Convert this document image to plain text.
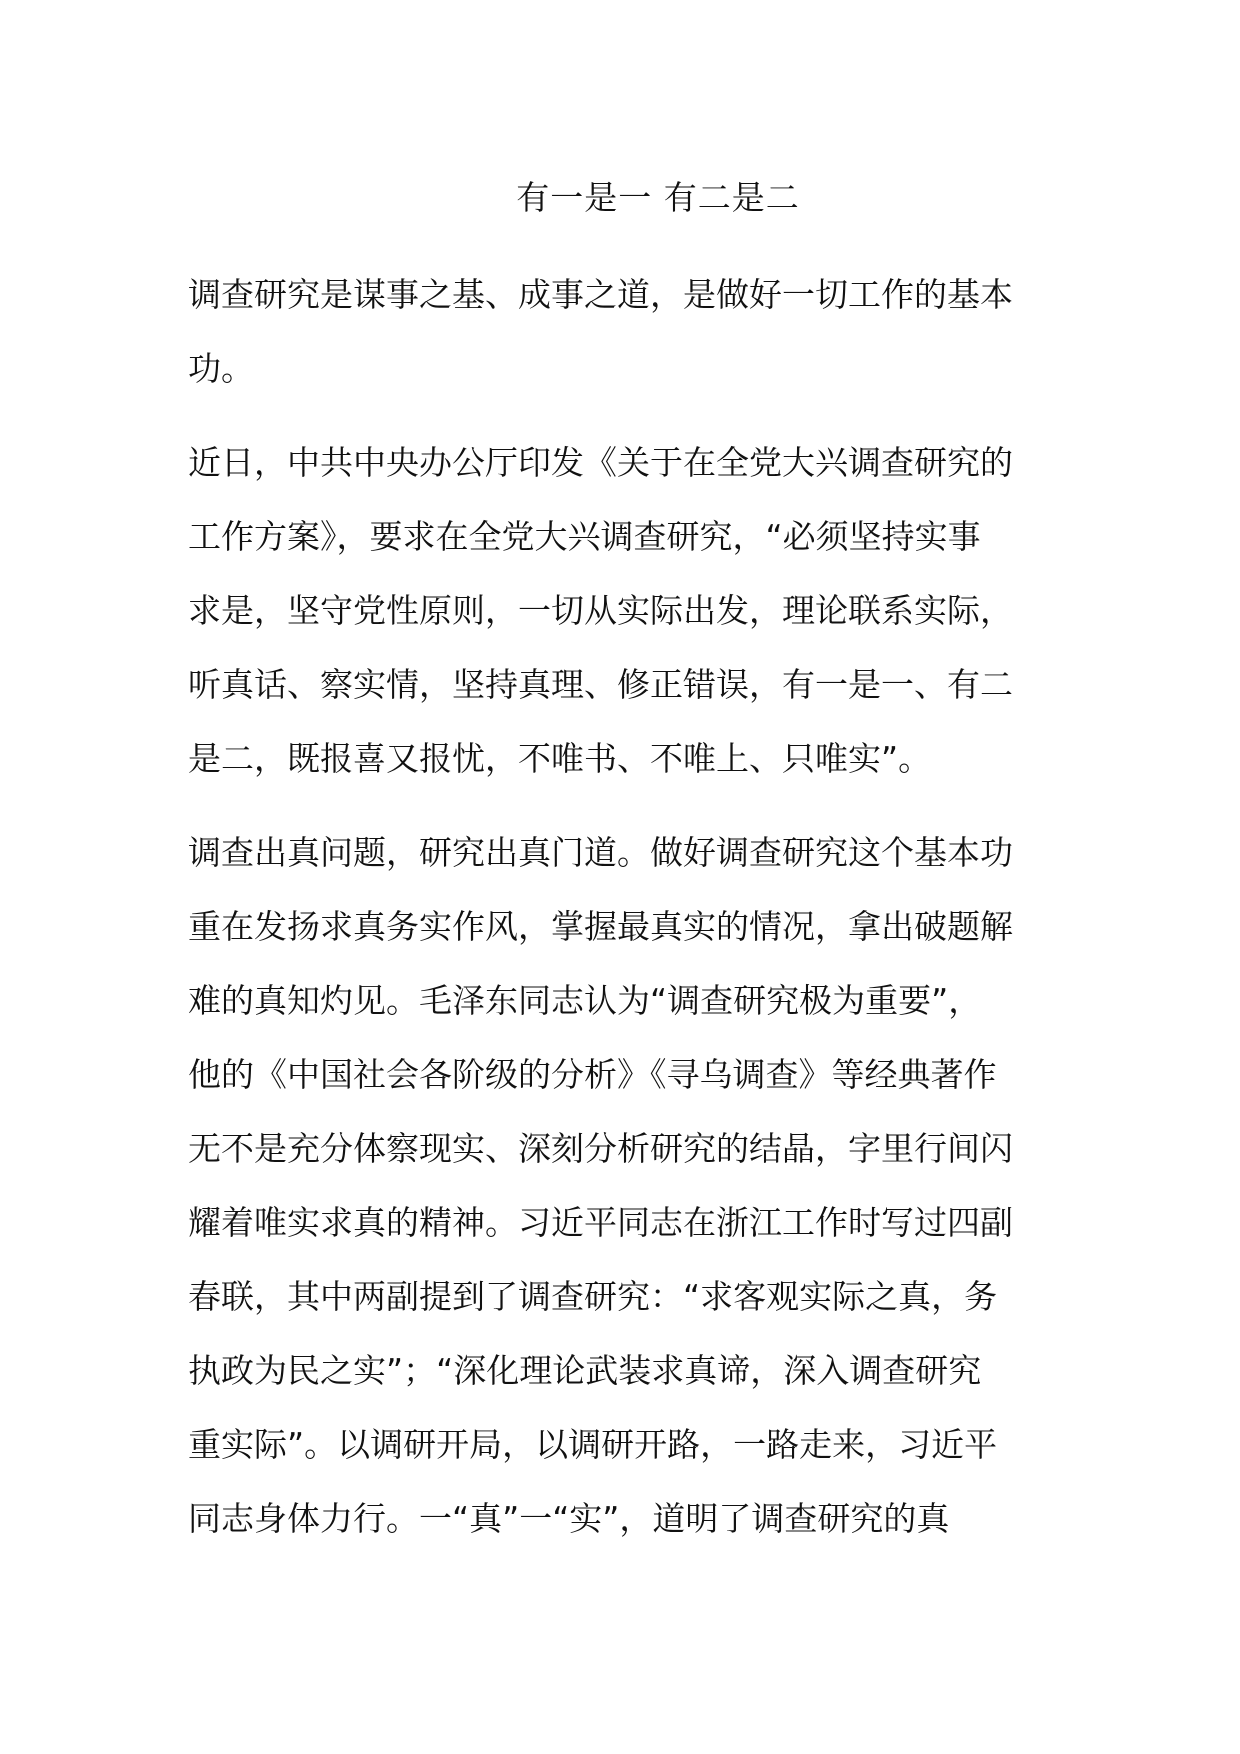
有一是一 有二是二
调查研究是谋事之基、成事之道，是做好一切工作的基本
功。
近日，中共中央办公厅印发《关于在全党大兴调查研究的
工作方案》，要求在全党大兴调查研究，“必须坚持实事
求是，坚守党性原则，一切从实际出发，理论联系实际，
听真话、察实情，坚持真理、修正错误，有一是一、有二
是二，既报喜又报忧，不唯书、不唯上、只唯实”。
调查出真问题，研究出真门道。做好调查研究这个基本功
重在发扬求真务实作风，掌握最真实的情况，拿出破题解
难的真知灼见。毛泽东同志认为“调查研究极为重要”，
他的《中国社会各阶级的分析》《寻乌调查》等经典著作
无不是充分体察现实、深刻分析研究的结晶，字里行间闪
耀着唯实求真的精神。习近平同志在浙江工作时写过四副
春联，其中两副提到了调查研究：“求客观实际之真，务
执政为民之实”；“深化理论武装求真谛，深入调查研究
重实际”。以调研开局，以调研开路，一路走来，习近平
同志身体力行。一“真”一“实”，道明了调查研究的真
